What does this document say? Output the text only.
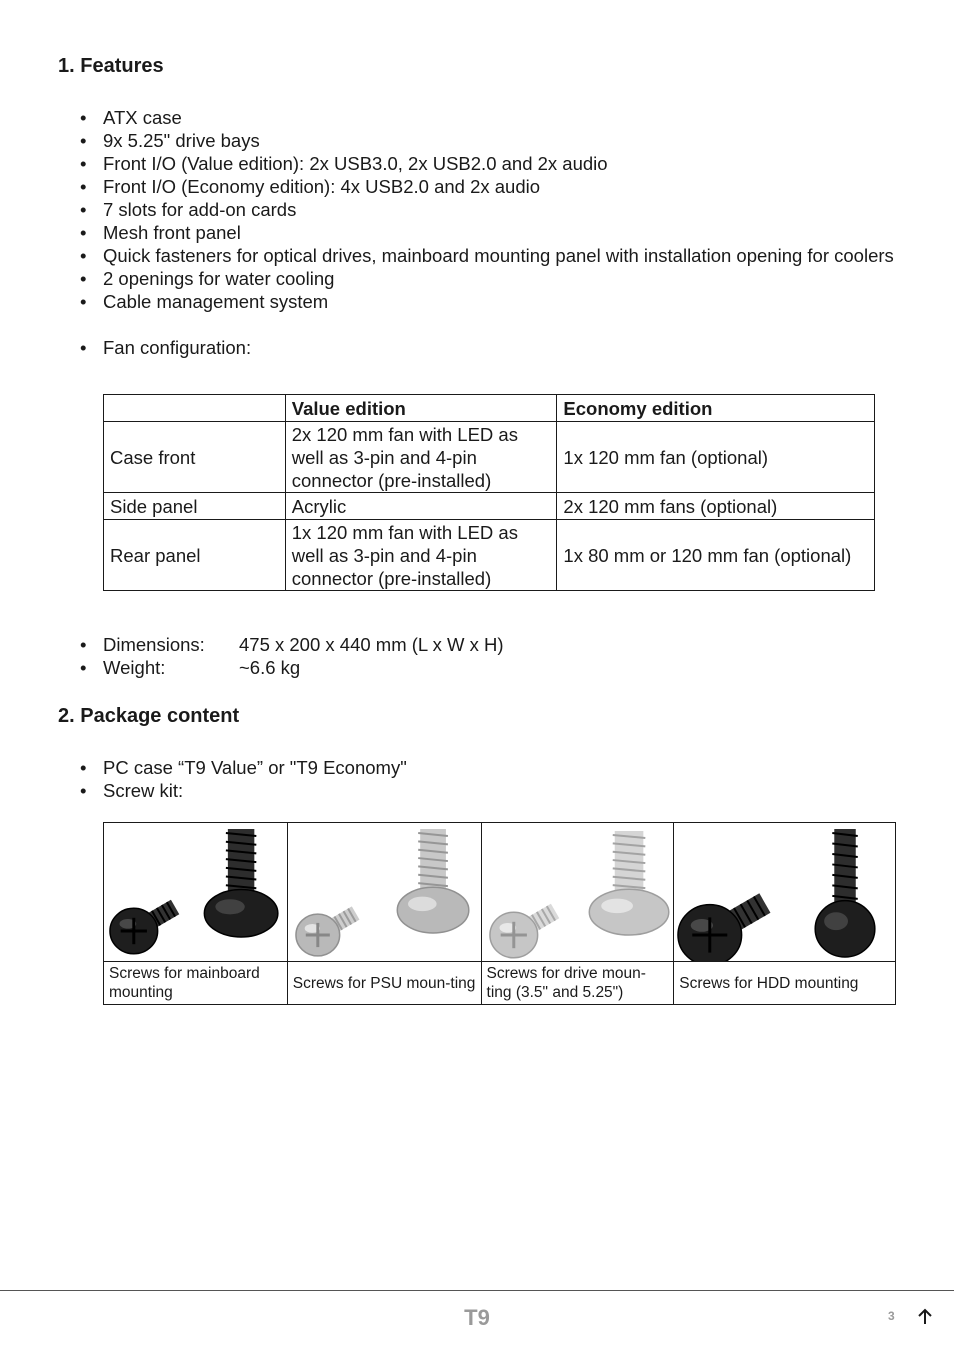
1. Features
• ATX case
• 9x 5.25" drive bays
• Front I/O (Value edition): 2x USB3.0, 2x USB2.0 and 2x audio
• Front I/O (Economy edition): 4x USB2.0 and 2x audio
• 7 slots for add-on cards
• Mesh front panel
• Quick fasteners for optical drives, mainboard mounting panel with installation opening for coolers
• 2 openings for water cooling
• Cable management system
• Fan configuration:
	Value edition	Economy edition
Case front	2x 120 mm fan with LED as well as 3-pin and 4-pin connector (pre-installed)	1x 120 mm fan (optional)
Side panel	Acrylic	2x 120 mm fans (optional)
Rear panel	1x 120 mm fan with LED as well as 3-pin and 4-pin connector (pre-installed)	1x 80 mm or 120 mm fan (optional)
• Dimensions: 475 x 200 x 440 mm (L x W x H)
• Weight:	~6.6 kg
2. Package content
• PC case “T9 Value” or "T9 Economy"
• Screw kit:

Screws for mainboard mounting	Screws for PSU moun-ting	Screws for drive moun-ting (3.5" and 5.25")	Screws for HDD mounting
T9	3
